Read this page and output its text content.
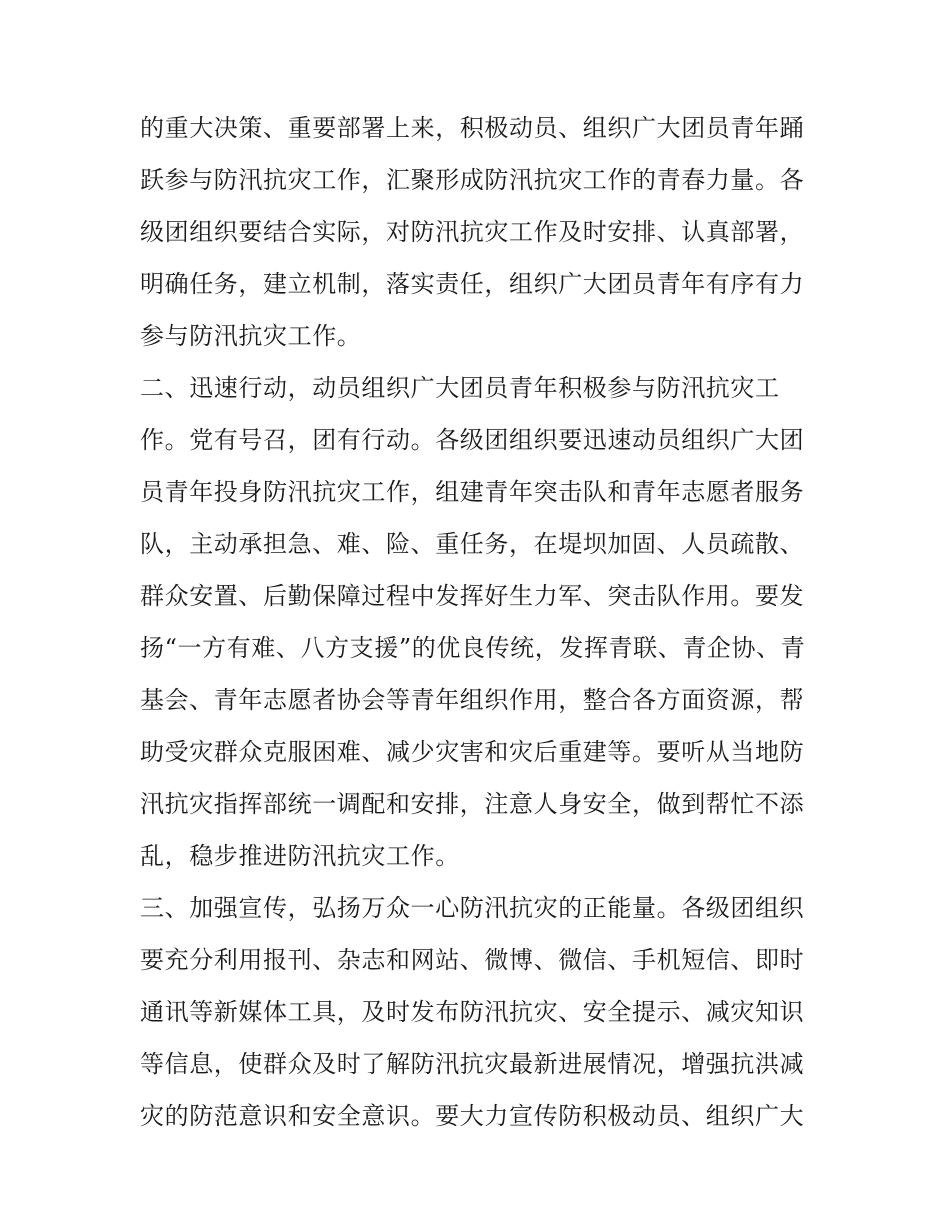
的重大决策、重要部署上来，积极动员、组织广大团员青年踊
跃参与防汛抗灾工作，汇聚形成防汛抗灾工作的青春力量。各
级团组织要结合实际，对防汛抗灾工作及时安排、认真部署，
明确任务，建立机制，落实责任，组织广大团员青年有序有力
参与防汛抗灾工作。
二、迅速行动，动员组织广大团员青年积极参与防汛抗灾工
作。党有号召，团有行动。各级团组织要迅速动员组织广大团
员青年投身防汛抗灾工作，组建青年突击队和青年志愿者服务
队，主动承担急、难、险、重任务，在堤坝加固、人员疏散、
群众安置、后勤保障过程中发挥好生力军、突击队作用。要发
扬“一方有难、八方支援”的优良传统，发挥青联、青企协、青
基会、青年志愿者协会等青年组织作用，整合各方面资源，帮
助受灾群众克服困难、减少灾害和灾后重建等。要听从当地防
汛抗灾指挥部统一调配和安排，注意人身安全，做到帮忙不添
乱，稳步推进防汛抗灾工作。
三、加强宣传，弘扬万众一心防汛抗灾的正能量。各级团组织
要充分利用报刊、杂志和网站、微博、微信、手机短信、即时
通讯等新媒体工具，及时发布防汛抗灾、安全提示、减灾知识
等信息，使群众及时了解防汛抗灾最新进展情况，增强抗洪减
灾的防范意识和安全意识。要大力宣传防积极动员、组织广大
